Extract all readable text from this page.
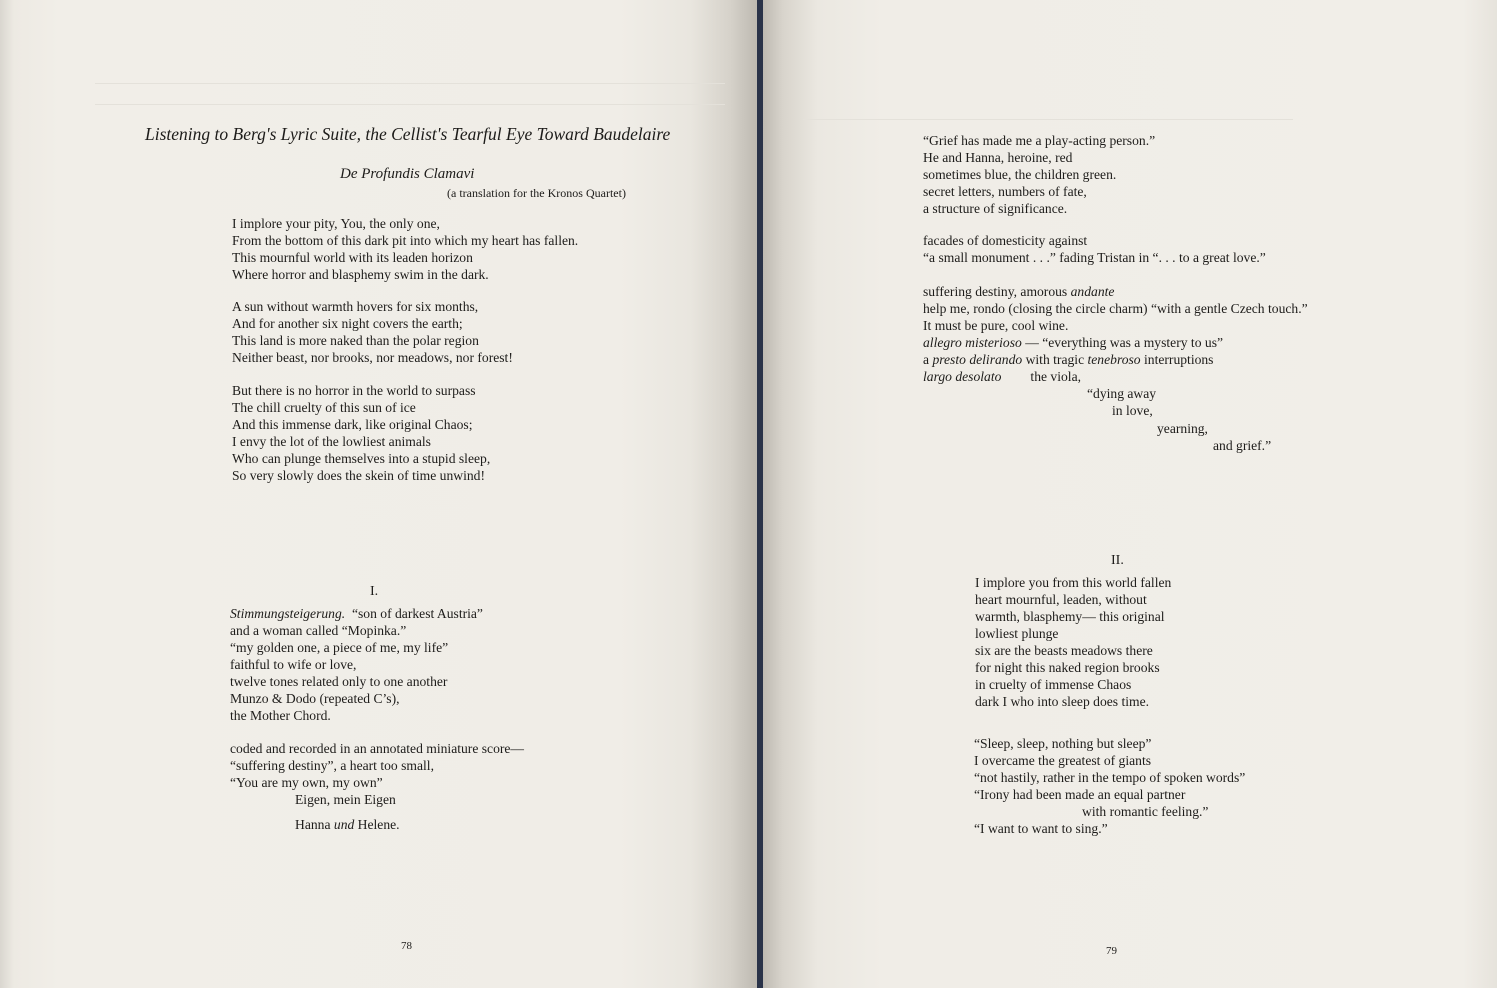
Listening to Berg's Lyric Suite, the Cellist's Tearful Eye Toward Baudelaire
De Profundis Clamavi
(a translation for the Kronos Quartet)
I implore your pity, You, the only one,
From the bottom of this dark pit into which my heart has fallen.
This mournful world with its leaden horizon
Where horror and blasphemy swim in the dark.
A sun without warmth hovers for six months,
And for another six night covers the earth;
This land is more naked than the polar region
Neither beast, nor brooks, nor meadows, nor forest!
But there is no horror in the world to surpass
The chill cruelty of this sun of ice
And this immense dark, like original Chaos;
I envy the lot of the lowliest animals
Who can plunge themselves into a stupid sleep,
So very slowly does the skein of time unwind!
I.
Stimmungsteigerung. “son of darkest Austria”
and a woman called “Mopinka.”
“my golden one, a piece of me, my life”
faithful to wife or love,
twelve tones related only to one another
Munzo & Dodo (repeated C’s),
the Mother Chord.
coded and recorded in an annotated miniature score—
“suffering destiny”, a heart too small,
“You are my own, my own”
Eigen, mein Eigen
Hanna und Helene.
78
“Grief has made me a play-acting person.”
He and Hanna, heroine, red
sometimes blue, the children green.
secret letters, numbers of fate,
a structure of significance.
facades of domesticity against
“a small monument . . .” fading Tristan in “. . . to a great love.”
suffering destiny, amorous andante
help me, rondo (closing the circle charm) “with a gentle Czech touch.”
It must be pure, cool wine.
allegro misterioso — “everything was a mystery to us”
a presto delirando with tragic tenebroso interruptions
largo desolato the viola,
“dying away
in love,
yearning,
and grief.”
II.
I implore you from this world fallen
heart mournful, leaden, without
warmth, blasphemy— this original
lowliest plunge
six are the beasts meadows there
for night this naked region brooks
in cruelty of immense Chaos
dark I who into sleep does time.
“Sleep, sleep, nothing but sleep”
I overcame the greatest of giants
“not hastily, rather in the tempo of spoken words”
“Irony had been made an equal partner
with romantic feeling.”
“I want to want to sing.”
79
